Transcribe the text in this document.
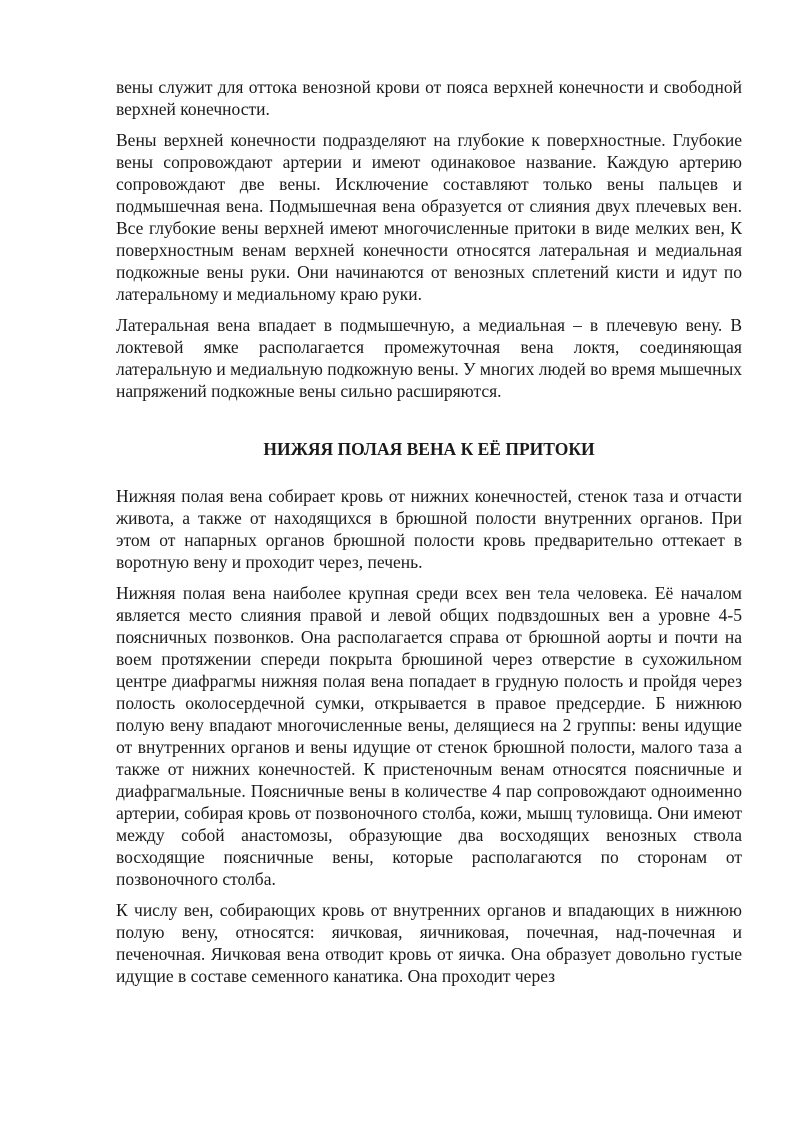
вены служит для оттока венозной крови от пояса верхней конечности и свободной верхней конечности.

Вены верхней конечности подразделяют на глубокие к поверхностные. Глубокие вены сопровождают артерии и имеют одинаковое название. Каждую артерию сопровождают две вены. Исключение составляют только вены пальцев и подмышечная вена. Подмышечная вена образуется от слияния двух плечевых вен. Все глубокие вены верхней имеют многочисленные притоки в виде мелких вен, К поверхностным венам верхней конечности относятся латеральная и медиальная подкожные вены руки. Они начинаются от венозных сплетений кисти и идут по латеральному и медиальному краю руки.

Латеральная вена впадает в подмышечную, а медиальная – в плечевую вену. В локтевой ямке располагается промежуточная вена локтя, соединяющая латеральную и медиальную подкожную вены. У многих людей во время мышечных напряжений подкожные вены сильно расширяются.

НИЖЯЯ ПОЛАЯ ВЕНА К ЕЁ ПРИТОКИ

Нижняя полая вена собирает кровь от нижних конечностей, стенок таза и отчасти живота, а также от находящихся в брюшной полости внутренних органов. При этом от напарных органов брюшной полости кровь предварительно оттекает в воротную вену и проходит через, печень.

Нижняя полая вена наиболее крупная среди всех вен тела человека. Её началом является место слияния правой и левой общих подвздошных вен а уровне 4-5 поясничных позвонков. Она располагается справа от брюшной аорты и почти на воем протяжении спереди покрыта брюшиной через отверстие в сухожильном центре диафрагмы нижняя полая вена попадает в грудную полость и пройдя через полость околосердечной сумки, открывается в правое предсердие. Б нижнюю полую вену впадают многочисленные вены, делящиеся на 2 группы: вены идущие от внутренних органов и вены идущие от стенок брюшной полости, малого таза а также от нижних конечностей. К пристеночным венам относятся поясничные и диафрагмальные. Поясничные вены в количестве 4 пар сопровождают одноименно артерии, собирая кровь от позвоночного столба, кожи, мышц туловища. Они имеют между собой анастомозы, образующие два восходящих венозных ствола восходящие поясничные вены, которые располагаются по сторонам от позвоночного столба.

К числу вен, собирающих кровь от внутренних органов и впадающих в нижнюю полую вену, относятся: яичковая, яичниковая, почечная, над-почечная и печеночная. Яичковая вена отводит кровь от яичка. Она образует довольно густые идущие в составе семенного канатика. Она проходит через
